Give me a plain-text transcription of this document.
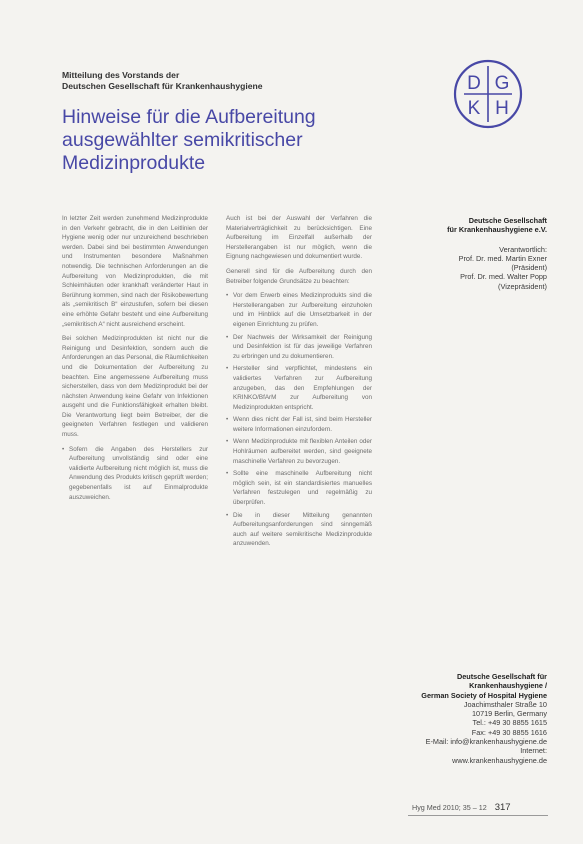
Mitteilung des Vorstands der
Deutschen Gesellschaft für Krankenhaushygiene
Hinweise für die Aufbereitung
ausgewählter semikritischer
Medizinprodukte
D G
K H

In letzter Zeit werden zunehmend Medizinprodukte in den Verkehr gebracht, die in den Leitlinien der Hygiene wenig oder nur unzureichend beschrieben werden. Dabei sind bei bestimmten Anwendungen und Instrumenten besondere Maßnahmen notwendig. Die technischen Anforderungen an die Aufbereitung von Medizinprodukten, die mit Schleimhäuten oder krankhaft veränderter Haut in Berührung kommen, sind nach der Risikobewertung als „semikritisch B“ einzustufen, sofern bei diesen eine erhöhte Gefahr besteht und eine Aufbereitung „semikritisch A“ nicht ausreichend erscheint.

Bei solchen Medizinprodukten ist nicht nur die Reinigung und Desinfektion, sondern auch die Anforderungen an das Personal, die Räumlichkeiten und die Dokumentation der Aufbereitung zu beachten. Eine angemessene Aufbereitung muss sicherstellen, dass von dem Medizinprodukt bei der nächsten Anwendung keine Gefahr von Infektionen ausgeht und die Funktionsfähigkeit erhalten bleibt. Die Verantwortung liegt beim Betreiber, der die geeigneten Verfahren festlegen und validieren muss.

• Sofern die Angaben des Herstellers zur Aufbereitung unvollständig sind oder eine validierte Aufbereitung nicht möglich ist, muss die Anwendung des Produkts kritisch geprüft werden; gegebenenfalls ist auf Einmalprodukte auszuweichen.

Auch ist bei der Auswahl der Verfahren die Materialverträglichkeit zu berücksichtigen. Eine Aufbereitung im Einzelfall außerhalb der Herstellerangaben ist nur möglich, wenn die Eignung nachgewiesen und dokumentiert wurde.

Generell sind für die Aufbereitung durch den Betreiber folgende Grundsätze zu beachten:

• Vor dem Erwerb eines Medizinprodukts sind die Herstellerangaben zur Aufbereitung einzuholen und im Hinblick auf die Umsetzbarkeit in der eigenen Einrichtung zu prüfen.
• Der Nachweis der Wirksamkeit der Reinigung und Desinfektion ist für das jeweilige Verfahren zu erbringen und zu dokumentieren.
• Hersteller sind verpflichtet, mindestens ein validiertes Verfahren zur Aufbereitung anzugeben, das den Empfehlungen der KRINKO/BfArM zur Aufbereitung von Medizinprodukten entspricht.
• Wenn dies nicht der Fall ist, sind beim Hersteller weitere Informationen einzufordern.
• Wenn Medizinprodukte mit flexiblen Anteilen oder Hohlräumen aufbereitet werden, sind geeignete maschinelle Verfahren zu bevorzugen.
• Sollte eine maschinelle Aufbereitung nicht möglich sein, ist ein standardisiertes manuelles Verfahren festzulegen und regelmäßig zu überprüfen.
• Die in dieser Mitteilung genannten Aufbereitungsanforderungen sind sinngemäß auch auf weitere semikritische Medizinprodukte anzuwenden.
Deutsche Gesellschaft
für Krankenhaushygiene e.V.
Verantwortlich:
Prof. Dr. med. Martin Exner
(Präsident)
Prof. Dr. med. Walter Popp
(Vizepräsident)
Deutsche Gesellschaft für
Krankenhaushygiene /
German Society of Hospital Hygiene
Joachimsthaler Straße 10
10719 Berlin, Germany
Tel.: +49 30 8855 1615
Fax: +49 30 8855 1616
E-Mail: info@krankenhaushygiene.de
Internet:
www.krankenhaushygiene.de
Hyg Med 2010; 35 – 12 317
